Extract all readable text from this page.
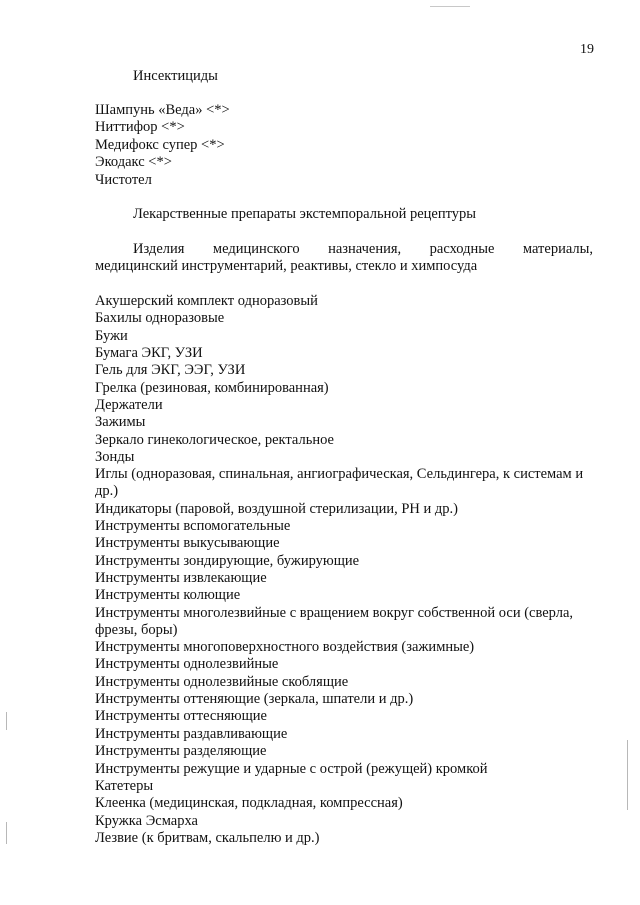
19
Инсектициды
Шампунь «Веда» <*>
Ниттифор <*>
Медифокс супер <*>
Экодакс <*>
Чистотел
Лекарственные препараты экстемпоральной рецептуры
Изделия медицинского назначения, расходные материалы,
медицинский инструментарий, реактивы, стекло и химпосуда
Акушерский комплект одноразовый
Бахилы одноразовые
Бужи
Бумага ЭКГ, УЗИ
Гель для ЭКГ, ЭЭГ, УЗИ
Грелка (резиновая, комбинированная)
Держатели
Зажимы
Зеркало гинекологическое, ректальное
Зонды
Иглы (одноразовая, спинальная, ангиографическая, Сельдингера, к системам и др.)
Индикаторы (паровой, воздушной стерилизации, PH и др.)
Инструменты вспомогательные
Инструменты выкусывающие
Инструменты зондирующие, бужирующие
Инструменты извлекающие
Инструменты колющие
Инструменты многолезвийные с вращением вокруг собственной оси (сверла, фрезы, боры)
Инструменты многоповерхностного воздействия (зажимные)
Инструменты однолезвийные
Инструменты однолезвийные скоблящие
Инструменты оттеняющие (зеркала, шпатели и др.)
Инструменты оттесняющие
Инструменты раздавливающие
Инструменты разделяющие
Инструменты режущие и ударные с острой (режущей) кромкой
Катетеры
Клеенка (медицинская, подкладная, компрессная)
Кружка Эсмарха
Лезвие (к бритвам, скальпелю и др.)
